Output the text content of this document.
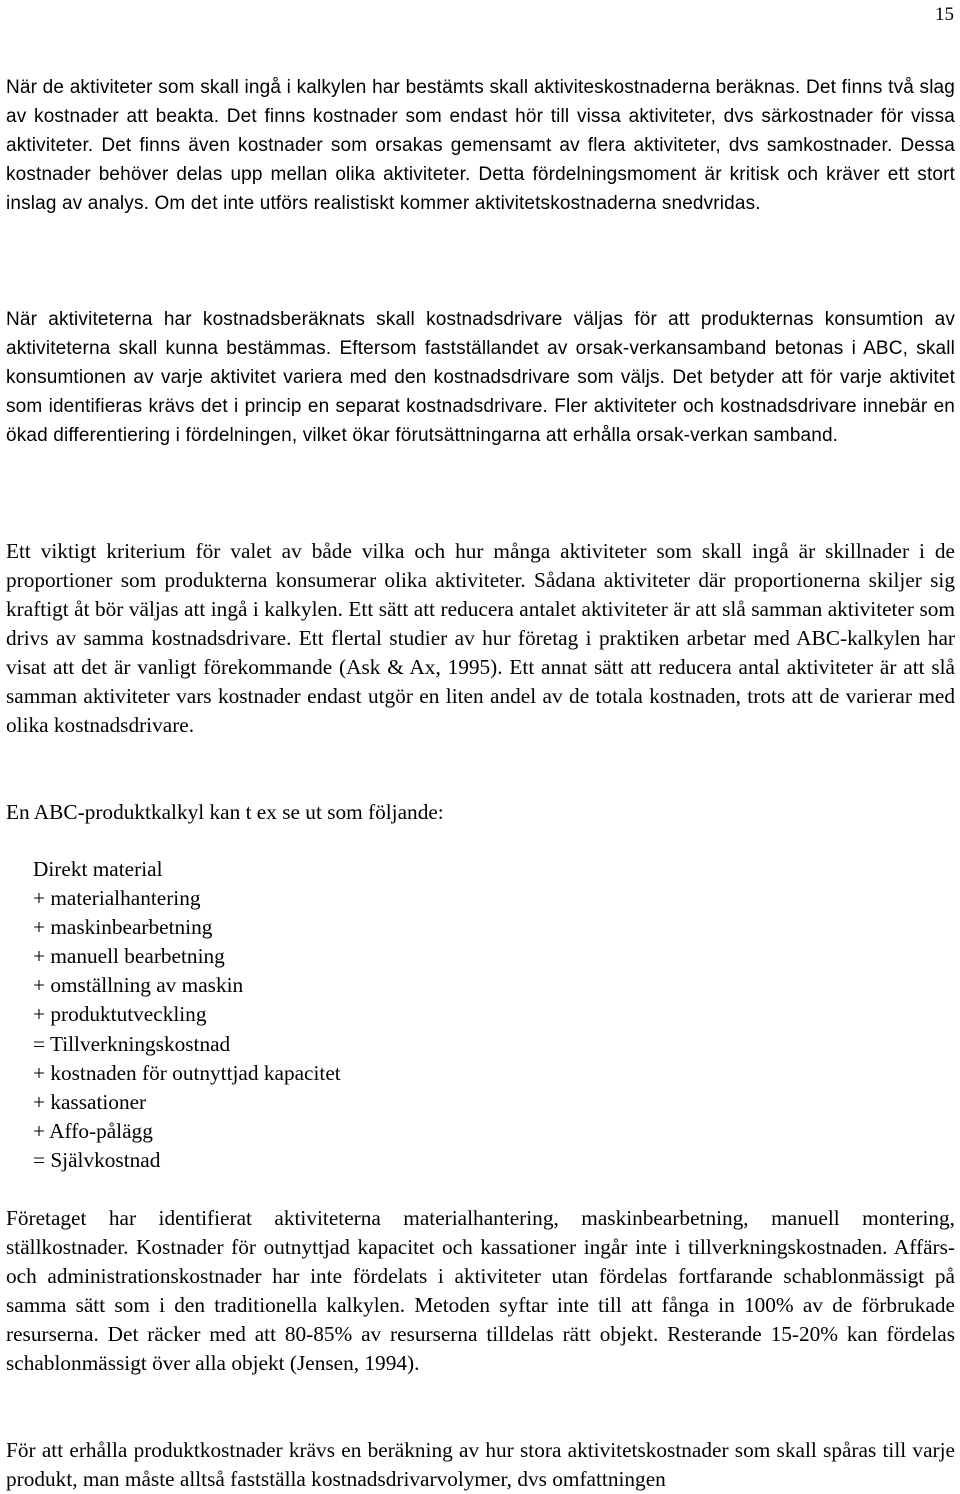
15

När de aktiviteter som skall ingå i kalkylen har bestämts skall aktiviteskostnaderna beräknas. Det finns två slag av kostnader att beakta. Det finns kostnader som endast hör till vissa aktiviteter, dvs särkostnader för vissa aktiviteter. Det finns även kostnader som orsakas gemensamt av flera aktiviteter, dvs samkostnader. Dessa kostnader behöver delas upp mellan olika aktiviteter. Detta fördelningsmoment är kritisk och kräver ett stort inslag av analys. Om det inte utförs realistiskt kommer aktivitetskostnaderna snedvridas.

När aktiviteterna har kostnadsberäknats skall kostnadsdrivare väljas för att produkternas konsumtion av aktiviteterna skall kunna bestämmas. Eftersom fastställandet av orsak-verkansamband betonas i ABC, skall konsumtionen av varje aktivitet variera med den kostnadsdrivare som väljs. Det betyder att för varje aktivitet som identifieras krävs det i princip en separat kostnadsdrivare. Fler aktiviteter och kostnadsdrivare innebär en ökad differentiering i fördelningen, vilket ökar förutsättningarna att erhålla orsak-verkan samband.

Ett viktigt kriterium för valet av både vilka och hur många aktiviteter som skall ingå är skillnader i de proportioner som produkterna konsumerar olika aktiviteter. Sådana aktiviteter där proportionerna skiljer sig kraftigt åt bör väljas att ingå i kalkylen. Ett sätt att reducera antalet aktiviteter är att slå samman aktiviteter som drivs av samma kostnadsdrivare. Ett flertal studier av hur företag i praktiken arbetar med ABC-kalkylen har visat att det är vanligt förekommande (Ask & Ax, 1995). Ett annat sätt att reducera antal aktiviteter är att slå samman aktiviteter vars kostnader endast utgör en liten andel av de totala kostnaden, trots att de varierar med olika kostnadsdrivare.

En ABC-produktkalkyl kan t ex se ut som följande:

Direkt material
+ materialhantering
+ maskinbearbetning
+ manuell bearbetning
+ omställning av maskin
+ produktutveckling
= Tillverkningskostnad
+ kostnaden för outnyttjad kapacitet
+ kassationer
+ Affo-pålägg
= Självkostnad

Företaget har identifierat aktiviteterna materialhantering, maskinbearbetning, manuell montering, ställkostnader. Kostnader för outnyttjad kapacitet och kassationer ingår inte i tillverkningskostnaden. Affärs- och administrationskostnader har inte fördelats i aktiviteter utan fördelas fortfarande schablonmässigt på samma sätt som i den traditionella kalkylen. Metoden syftar inte till att fånga in 100% av de förbrukade resurserna. Det räcker med att 80-85% av resurserna tilldelas rätt objekt. Resterande 15-20% kan fördelas schablonmässigt över alla objekt (Jensen, 1994).

För att erhålla produktkostnader krävs en beräkning av hur stora aktivitetskostnader som skall spåras till varje produkt, man måste alltså fastställa kostnadsdrivarvolymer, dvs omfattningen
